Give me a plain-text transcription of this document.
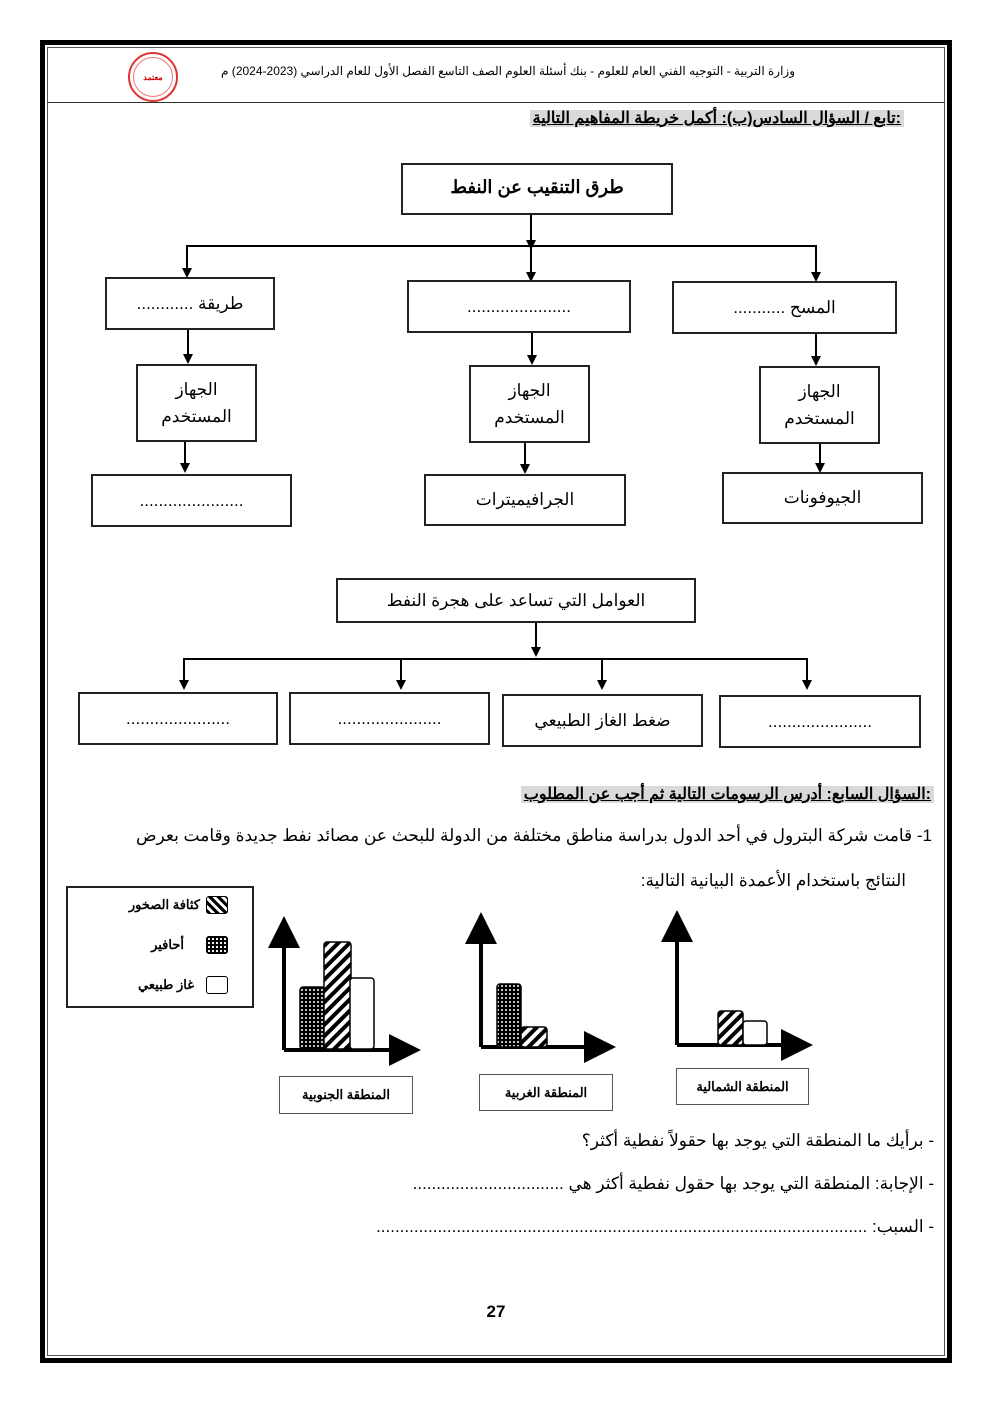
معتمد	وزارة التربية - التوجيه الفني العام للعلوم - بنك أسئلة العلوم الصف التاسع الفصل الأول للعام الدراسي (2023-2024) م
تابع / السؤال السادس(ب): أكمل خريطة المفاهيم التالية:
طرق التنقيب عن النفط
طريقة ............	......................	المسح ...........
الجهاز
المستخدم
الجهاز
المستخدم
الجهاز
المستخدم
......................	الجرافيميترات	الجيوفونات
العوامل التي تساعد على هجرة النفط
......................	......................	ضغط الغاز الطبيعي	......................
السؤال السابع: أدرس الرسومات التالية ثم أجب عن المطلوب:
1- قامت شركة البترول في أحد الدول بدراسة مناطق مختلفة من الدولة للبحث عن مصائد نفط جديدة وقامت بعرض
النتائج باستخدام الأعمدة البيانية التالية:
كثافة الصخور
أحافير
غاز طبيعي
المنطقة الجنوبية	المنطقة الغربية	المنطقة الشمالية
- برأيك ما المنطقة التي يوجد بها حقولاً نفطية أكثر؟
- الإجابة: المنطقة التي يوجد بها حقول نفطية أكثر هي ................................
- السبب: ........................................................................................................
27
